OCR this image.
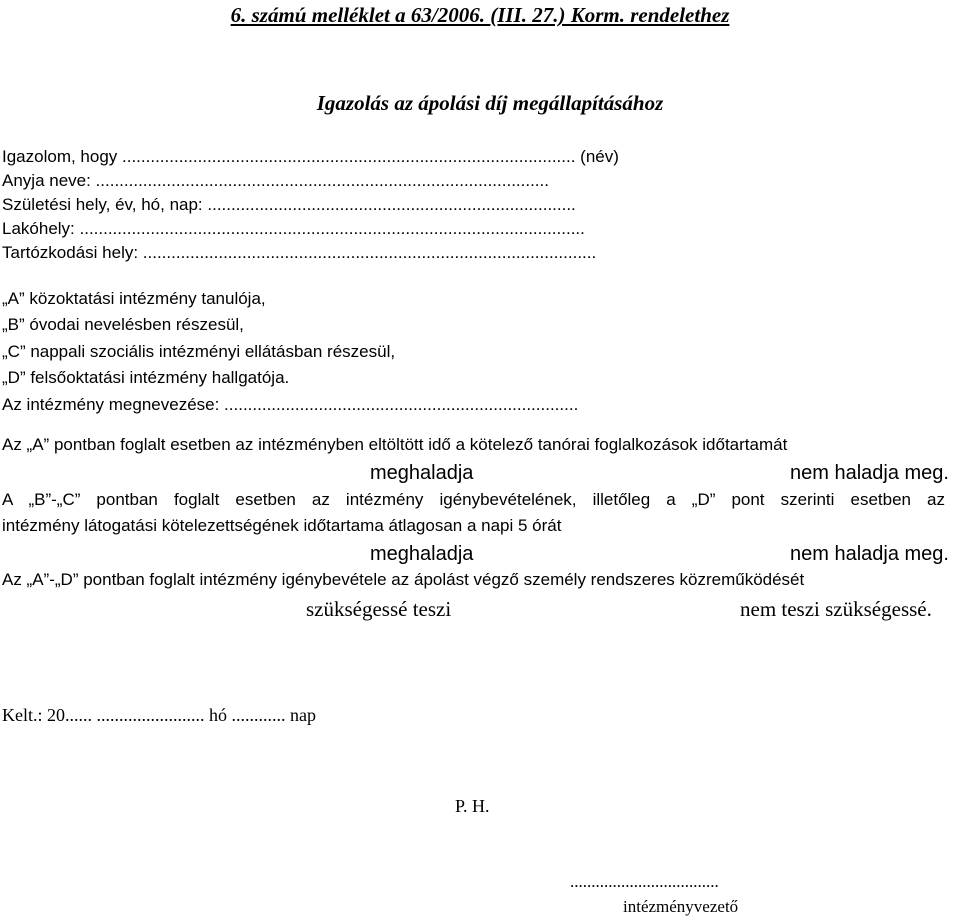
6. számú melléklet a 63/2006. (III. 27.) Korm. rendelethez
Igazolás az ápolási díj megállapításához
Igazolom, hogy ................................................................................................ (név)
Anyja neve: ................................................................................................
Születési hely, év, hó, nap: ..............................................................................
Lakóhely: ...........................................................................................................
Tartózkodási hely: ................................................................................................
„A” közoktatási intézmény tanulója,
„B” óvodai nevelésben részesül,
„C” nappali szociális intézményi ellátásban részesül,
„D” felsőoktatási intézmény hallgatója.
Az intézmény megnevezése: ...........................................................................
Az „A” pontban foglalt esetben az intézményben eltöltött idő a kötelező tanórai foglalkozások időtartamát
meghaladja	nem haladja meg.
A „B”-„C” pontban foglalt esetben az intézmény igénybevételének, illetőleg a „D” pont szerinti esetben az
intézmény látogatási kötelezettségének időtartama átlagosan a napi 5 órát
meghaladja	nem haladja meg.
Az „A”-„D” pontban foglalt intézmény igénybevétele az ápolást végző személy rendszeres közreműködését
szükségessé teszi	nem teszi szükségessé.
Kelt.: 20...... ........................ hó ............ nap
P. H.
...................................
intézményvezető
